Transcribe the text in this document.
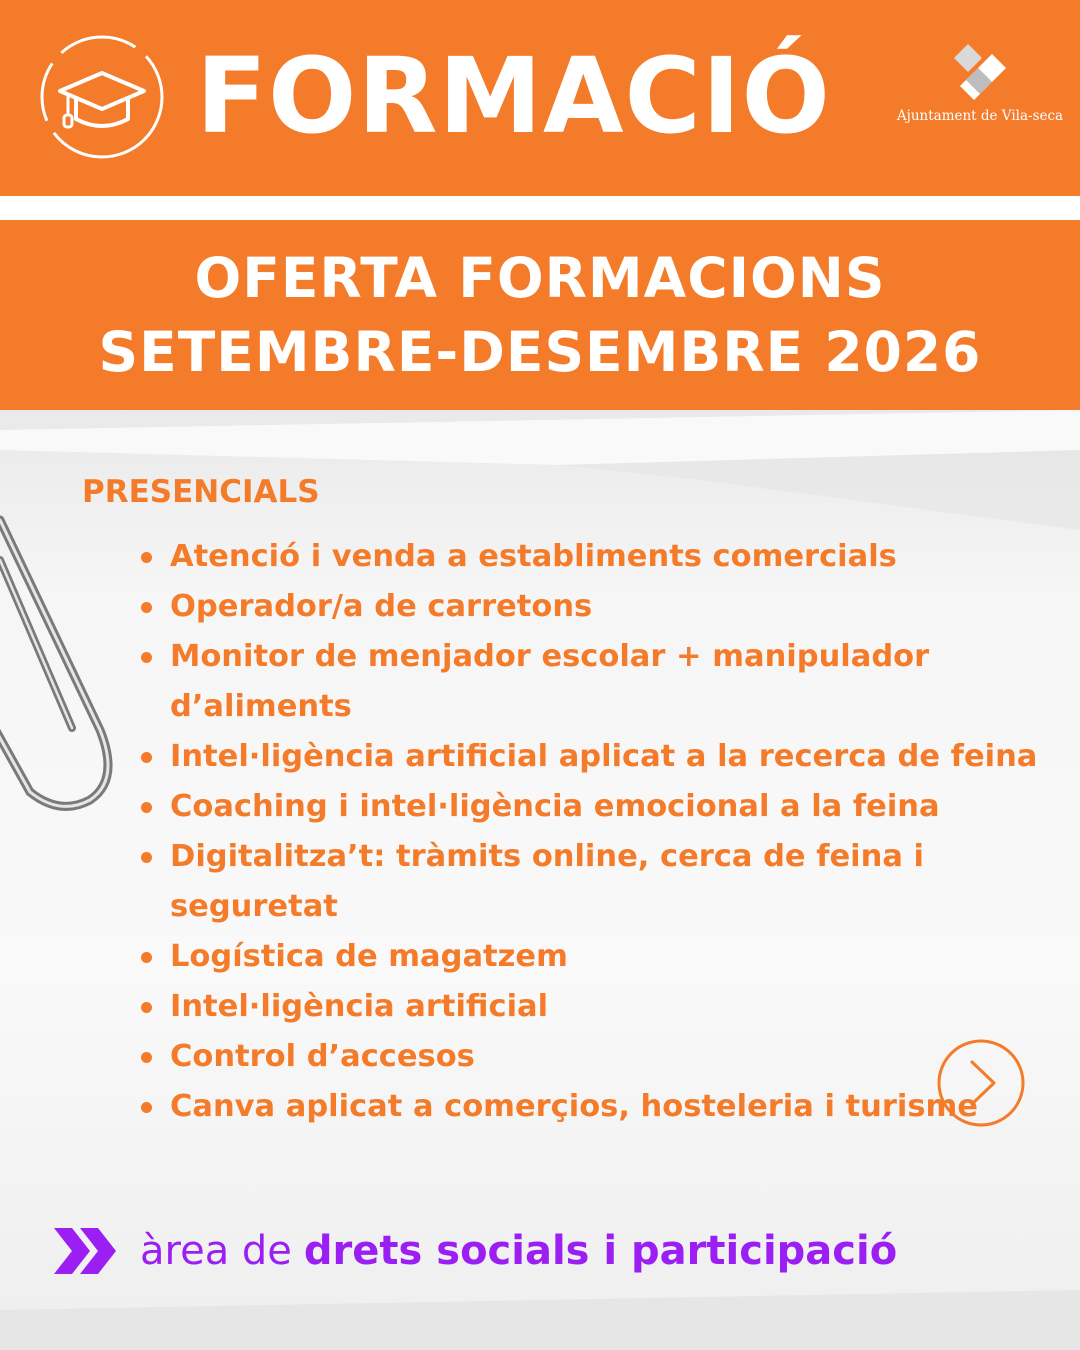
FORMACIÓ	Ajuntament de Vila-seca
OFERTA FORMACIONS
SETEMBRE-DESEMBRE 2026
PRESENCIALS
Atenció i venda a establiments comercials
Operador/a de carretons
Monitor de menjador escolar + manipulador d’aliments
Intel·ligència artificial aplicat a la recerca de feina
Coaching i intel·ligència emocional a la feina
Digitalitza’t: tràmits online, cerca de feina i seguretat
Logística de magatzem
Intel·ligència artificial
Control d’accesos
Canva aplicat a comerçios, hosteleria i turisme
àrea de drets socials i participació
